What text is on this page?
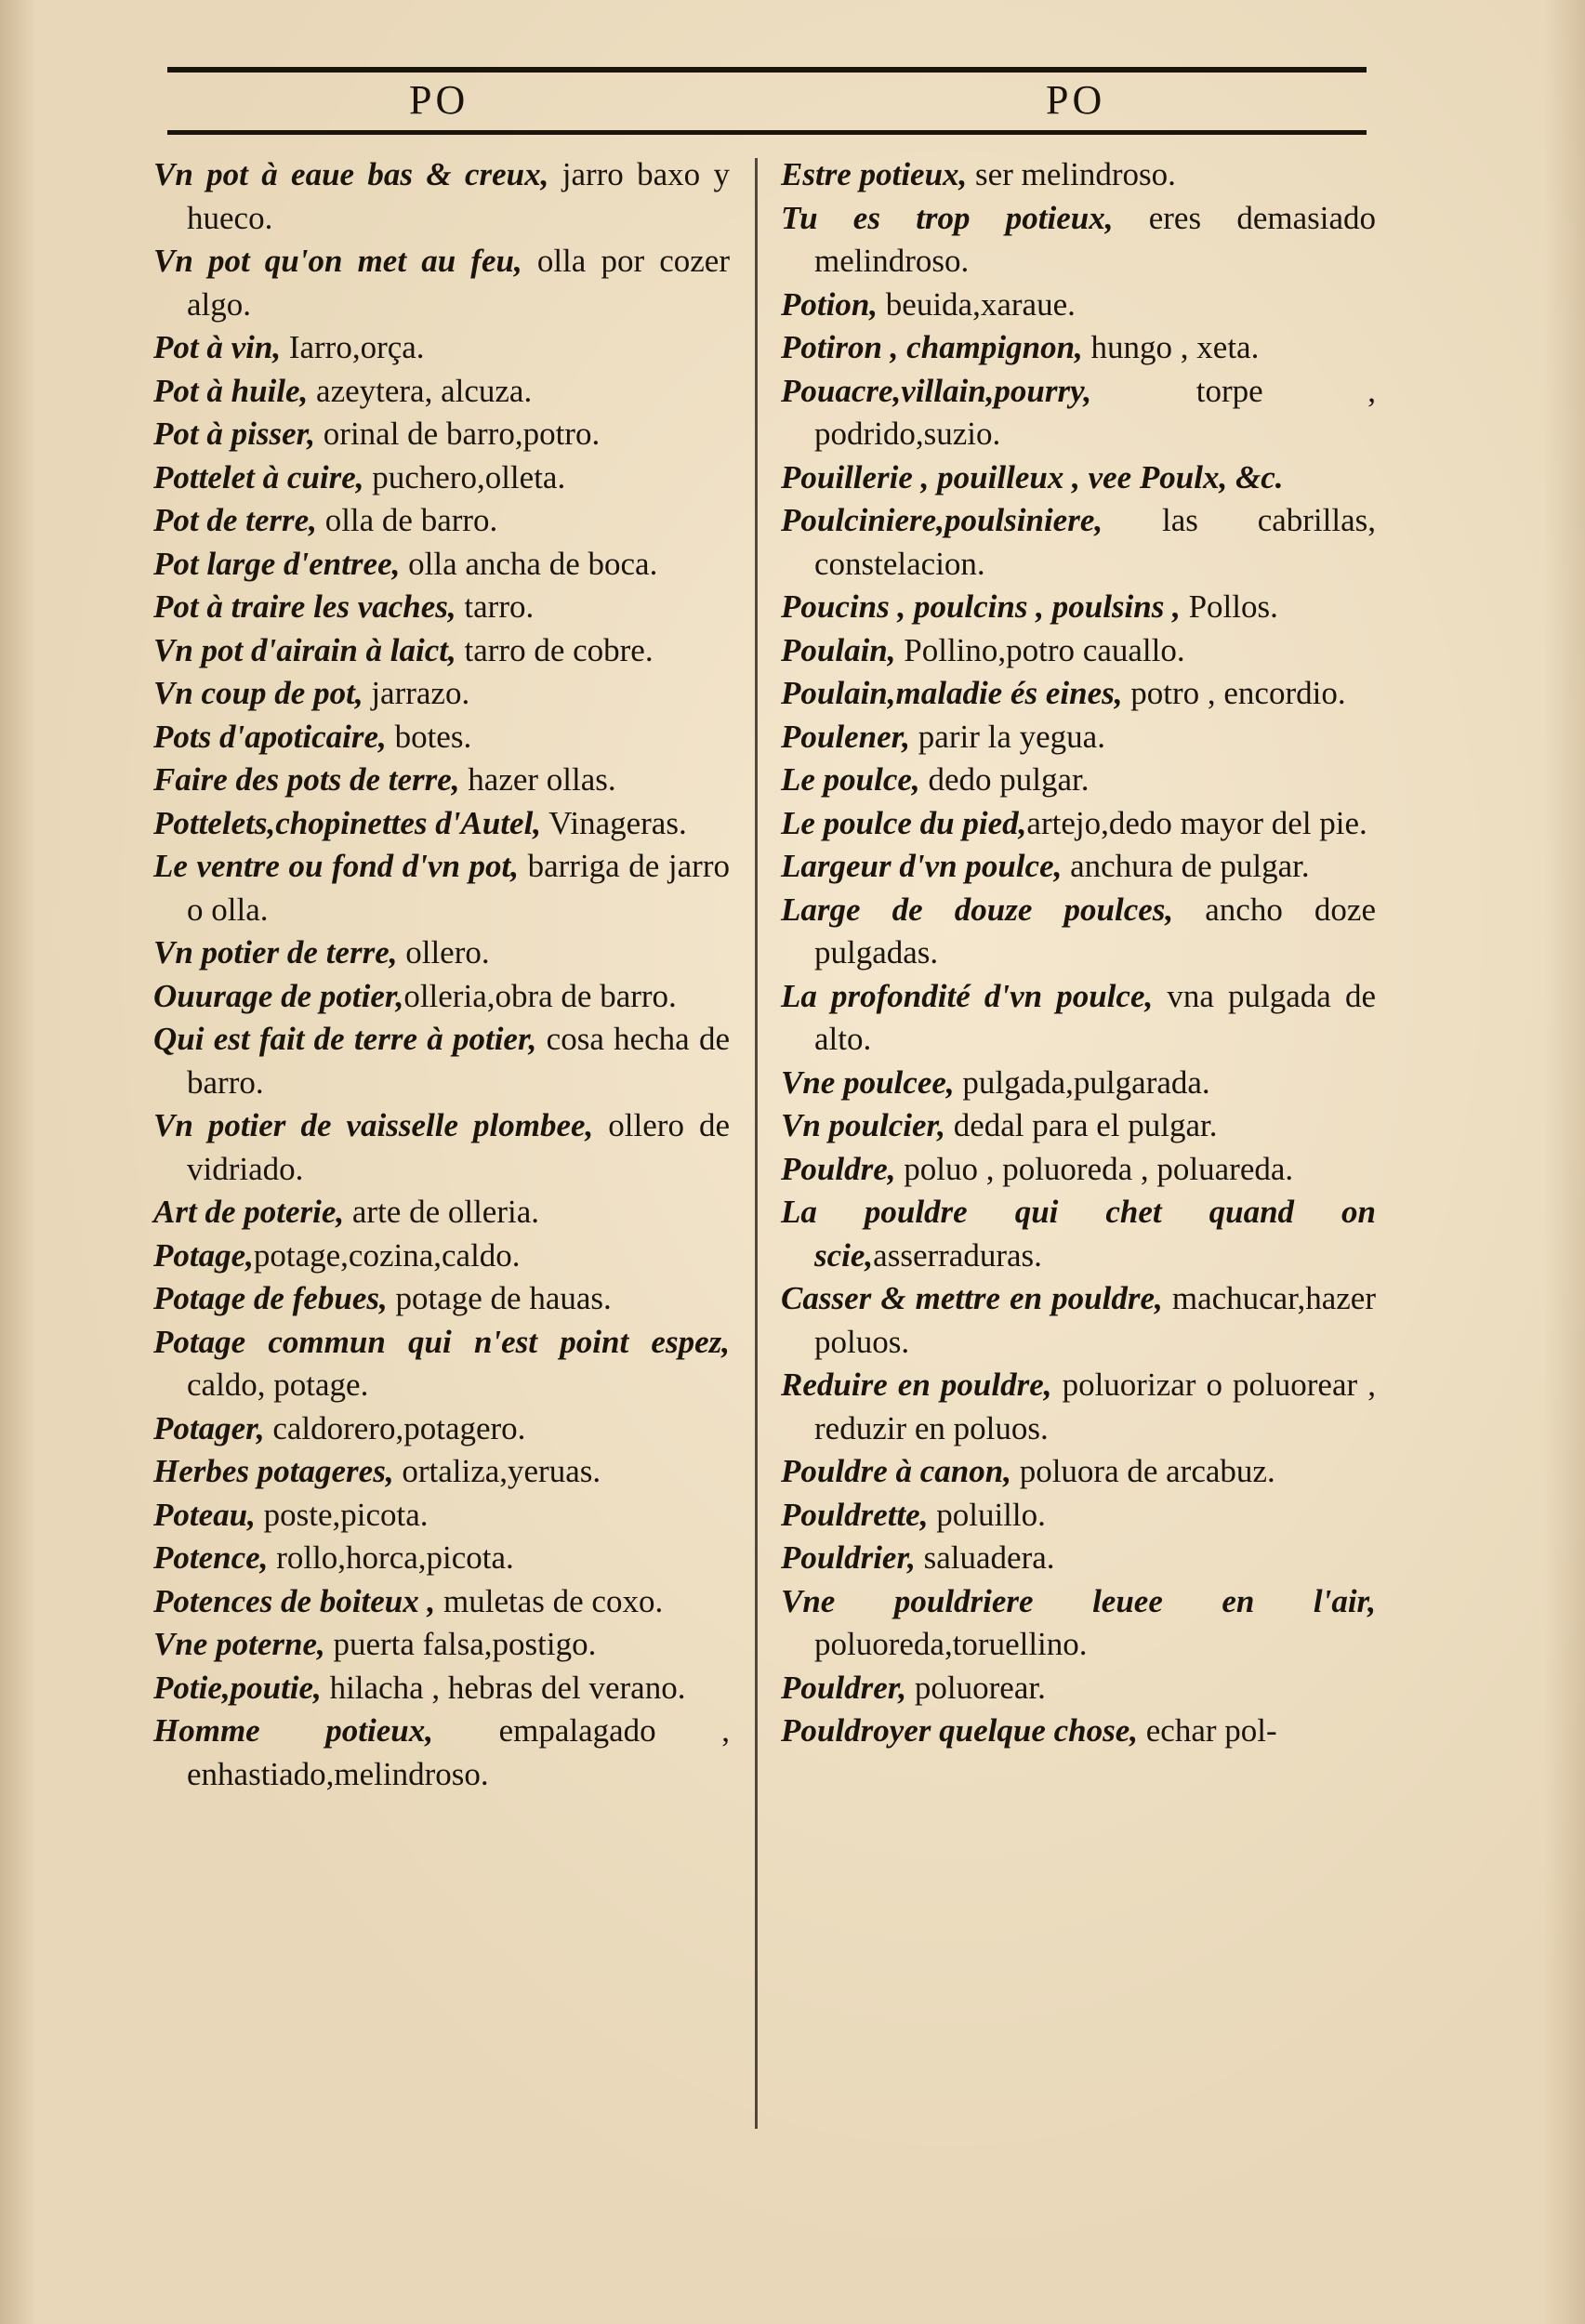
PO	PO

Vn pot à eaue bas & creux, jarro baxo y hueco.

Vn pot qu'on met au feu, olla por cozer algo.

Pot à vin, Iarro,orça.

Pot à huile, azeytera, alcuza.

Pot à pisser, orinal de barro,potro.

Pottelet à cuire, puchero,olleta.

Pot de terre, olla de barro.

Pot large d'entree, olla ancha de boca.

Pot à traire les vaches, tarro.

Vn pot d'airain à laict, tarro de cobre.

Vn coup de pot, jarrazo.

Pots d'apoticaire, botes.

Faire des pots de terre, hazer ollas.

Pottelets,chopinettes d'Autel, Vinageras.

Le ventre ou fond d'vn pot, barriga de jarro o olla.

Vn potier de terre, ollero.

Ouurage de potier,olleria,obra de barro.

Qui est fait de terre à potier, cosa hecha de barro.

Vn potier de vaisselle plombee, ollero de vidriado.

Art de poterie, arte de olleria.

Potage,potage,cozina,caldo.

Potage de febues, potage de hauas.

Potage commun qui n'est point espez, caldo, potage.

Potager, caldorero,potagero.

Herbes potageres, ortaliza,yeruas.

Poteau, poste,picota.

Potence, rollo,horca,picota.

Potences de boiteux , muletas de coxo.

Vne poterne, puerta falsa,postigo.

Potie,poutie, hilacha , hebras del verano.

Homme potieux, empalagado , enhastiado,melindroso.

Estre potieux, ser melindroso.

Tu es trop potieux, eres demasiado melindroso.

Potion, beuida,xaraue.

Potiron , champignon, hungo , xeta.

Pouacre,villain,pourry, torpe , podrido,suzio.

Pouillerie , pouilleux , vee Poulx, &c.

Poulciniere,poulsiniere, las cabrillas, constelacion.

Poucins , poulcins , poulsins , Pollos.

Poulain, Pollino,potro cauallo.

Poulain,maladie és eines, potro , encordio.

Poulener, parir la yegua.

Le poulce, dedo pulgar.

Le poulce du pied,artejo,dedo mayor del pie.

Largeur d'vn poulce, anchura de pulgar.

Large de douze poulces, ancho doze pulgadas.

La profondité d'vn poulce, vna pulgada de alto.

Vne poulcee, pulgada,pulgarada.

Vn poulcier, dedal para el pulgar.

Pouldre, poluo , poluoreda , poluareda.

La pouldre qui chet quand on scie,asserraduras.

Casser & mettre en pouldre, machucar,hazer poluos.

Reduire en pouldre, poluorizar o poluorear , reduzir en poluos.

Pouldre à canon, poluora de arcabuz.

Pouldrette, poluillo.

Pouldrier, saluadera.

Vne pouldriere leuee en l'air, poluoreda,toruellino.

Pouldrer, poluorear.

Pouldroyer quelque chose, echar pol-
